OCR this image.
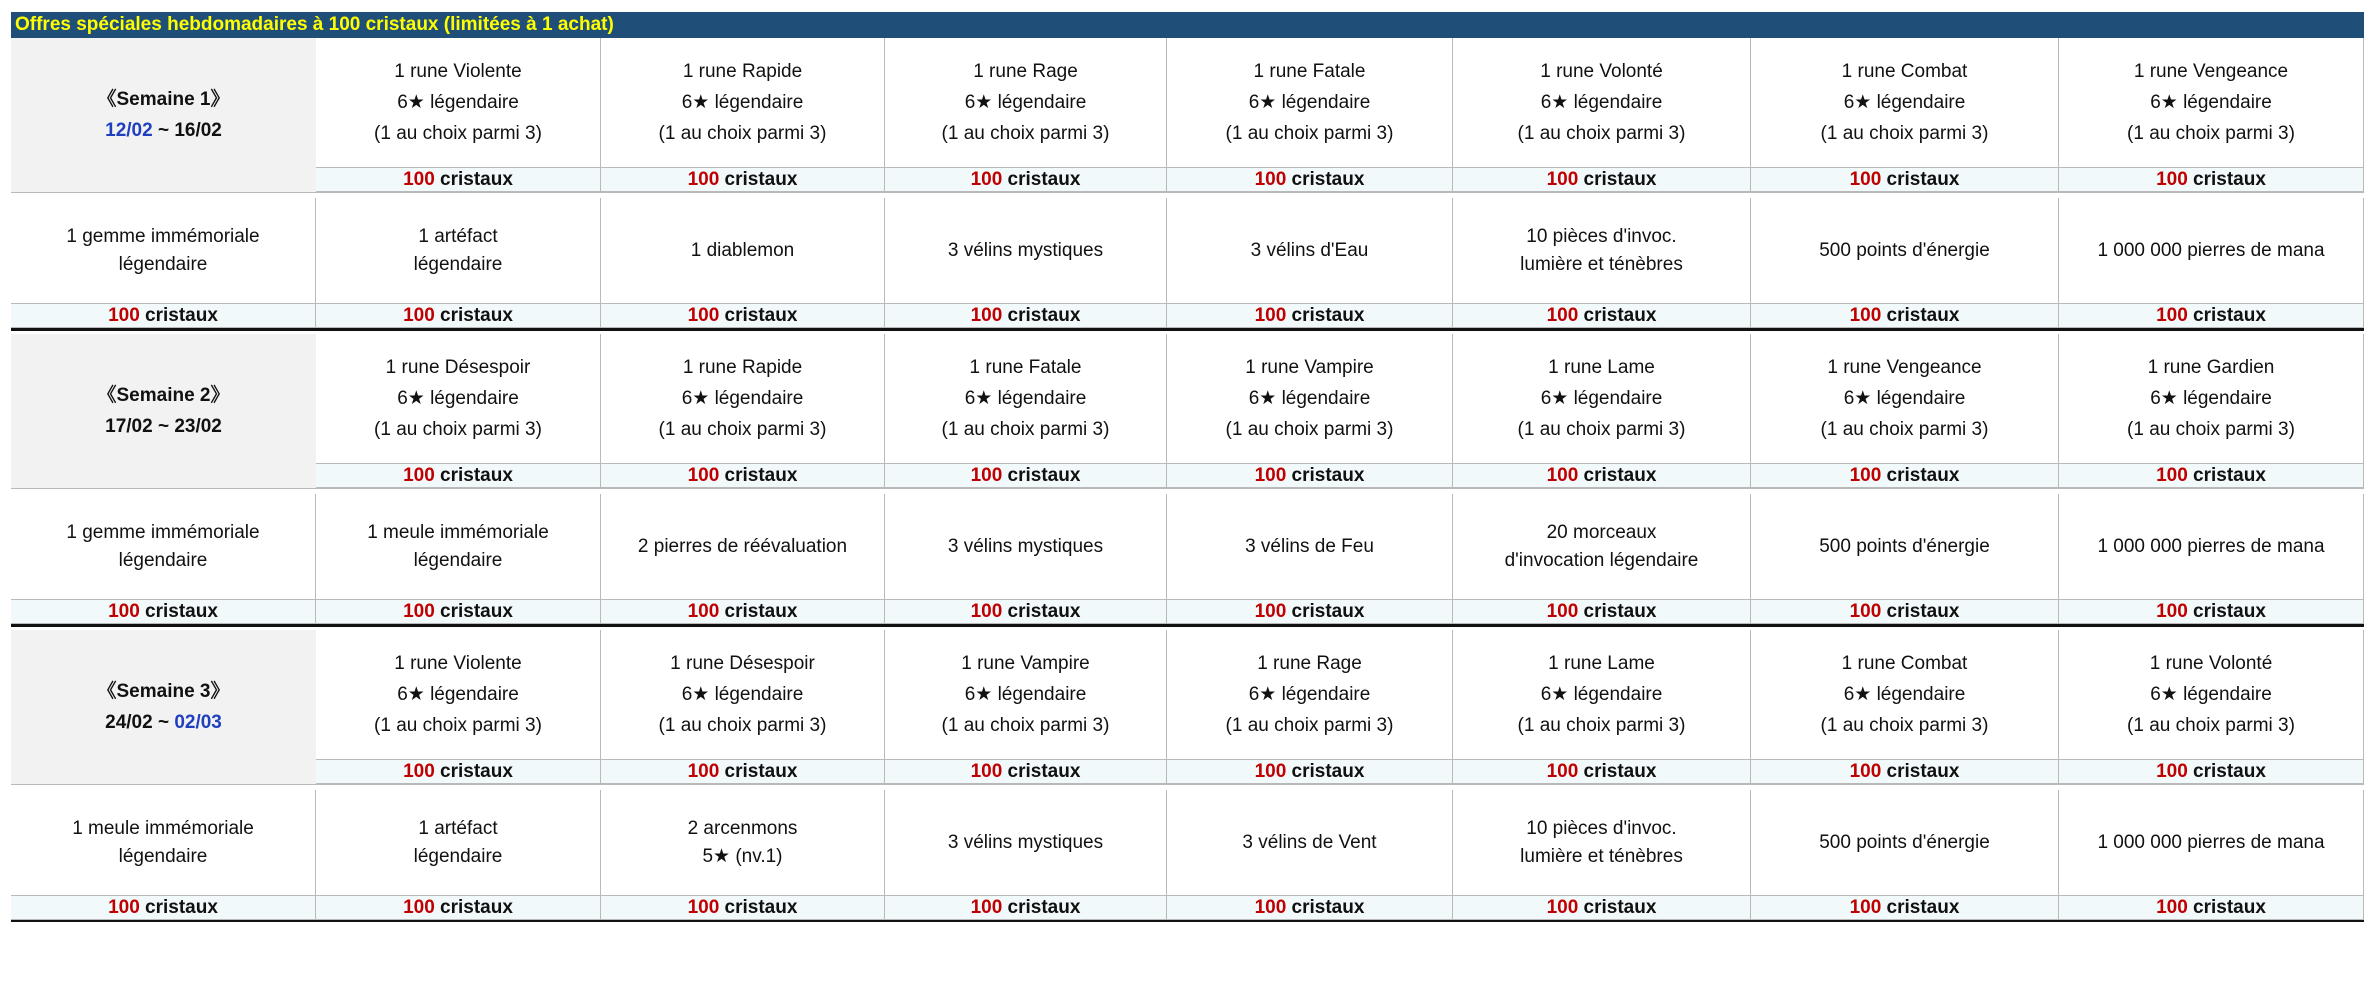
Offres spéciales hebdomadaires à 100 cristaux (limitées à 1 achat)
《Semaine 1》
12/02 ~ 16/02
1 rune Violente
6★ légendaire
(1 au choix parmi 3)
100 cristaux
1 rune Rapide
6★ légendaire
(1 au choix parmi 3)
100 cristaux
1 rune Rage
6★ légendaire
(1 au choix parmi 3)
100 cristaux
1 rune Fatale
6★ légendaire
(1 au choix parmi 3)
100 cristaux
1 rune Volonté
6★ légendaire
(1 au choix parmi 3)
100 cristaux
1 rune Combat
6★ légendaire
(1 au choix parmi 3)
100 cristaux
1 rune Vengeance
6★ légendaire
(1 au choix parmi 3)
100 cristaux
1 gemme immémoriale
légendaire
100 cristaux
1 artéfact
légendaire
100 cristaux
1 diablemon
100 cristaux
3 vélins mystiques
100 cristaux
3 vélins d'Eau
100 cristaux
10 pièces d'invoc.
lumière et ténèbres
100 cristaux
500 points d'énergie
100 cristaux
1 000 000 pierres de mana
100 cristaux
《Semaine 2》
17/02 ~ 23/02
1 rune Désespoir
6★ légendaire
(1 au choix parmi 3)
100 cristaux
1 rune Rapide
6★ légendaire
(1 au choix parmi 3)
100 cristaux
1 rune Fatale
6★ légendaire
(1 au choix parmi 3)
100 cristaux
1 rune Vampire
6★ légendaire
(1 au choix parmi 3)
100 cristaux
1 rune Lame
6★ légendaire
(1 au choix parmi 3)
100 cristaux
1 rune Vengeance
6★ légendaire
(1 au choix parmi 3)
100 cristaux
1 rune Gardien
6★ légendaire
(1 au choix parmi 3)
100 cristaux
1 gemme immémoriale
légendaire
100 cristaux
1 meule immémoriale
légendaire
100 cristaux
2 pierres de réévaluation
100 cristaux
3 vélins mystiques
100 cristaux
3 vélins de Feu
100 cristaux
20 morceaux
d'invocation légendaire
100 cristaux
500 points d'énergie
100 cristaux
1 000 000 pierres de mana
100 cristaux
《Semaine 3》
24/02 ~ 02/03
1 rune Violente
6★ légendaire
(1 au choix parmi 3)
100 cristaux
1 rune Désespoir
6★ légendaire
(1 au choix parmi 3)
100 cristaux
1 rune Vampire
6★ légendaire
(1 au choix parmi 3)
100 cristaux
1 rune Rage
6★ légendaire
(1 au choix parmi 3)
100 cristaux
1 rune Lame
6★ légendaire
(1 au choix parmi 3)
100 cristaux
1 rune Combat
6★ légendaire
(1 au choix parmi 3)
100 cristaux
1 rune Volonté
6★ légendaire
(1 au choix parmi 3)
100 cristaux
1 meule immémoriale
légendaire
100 cristaux
1 artéfact
légendaire
100 cristaux
2 arcenmons
5★ (nv.1)
100 cristaux
3 vélins mystiques
100 cristaux
3 vélins de Vent
100 cristaux
10 pièces d'invoc.
lumière et ténèbres
100 cristaux
500 points d'énergie
100 cristaux
1 000 000 pierres de mana
100 cristaux
